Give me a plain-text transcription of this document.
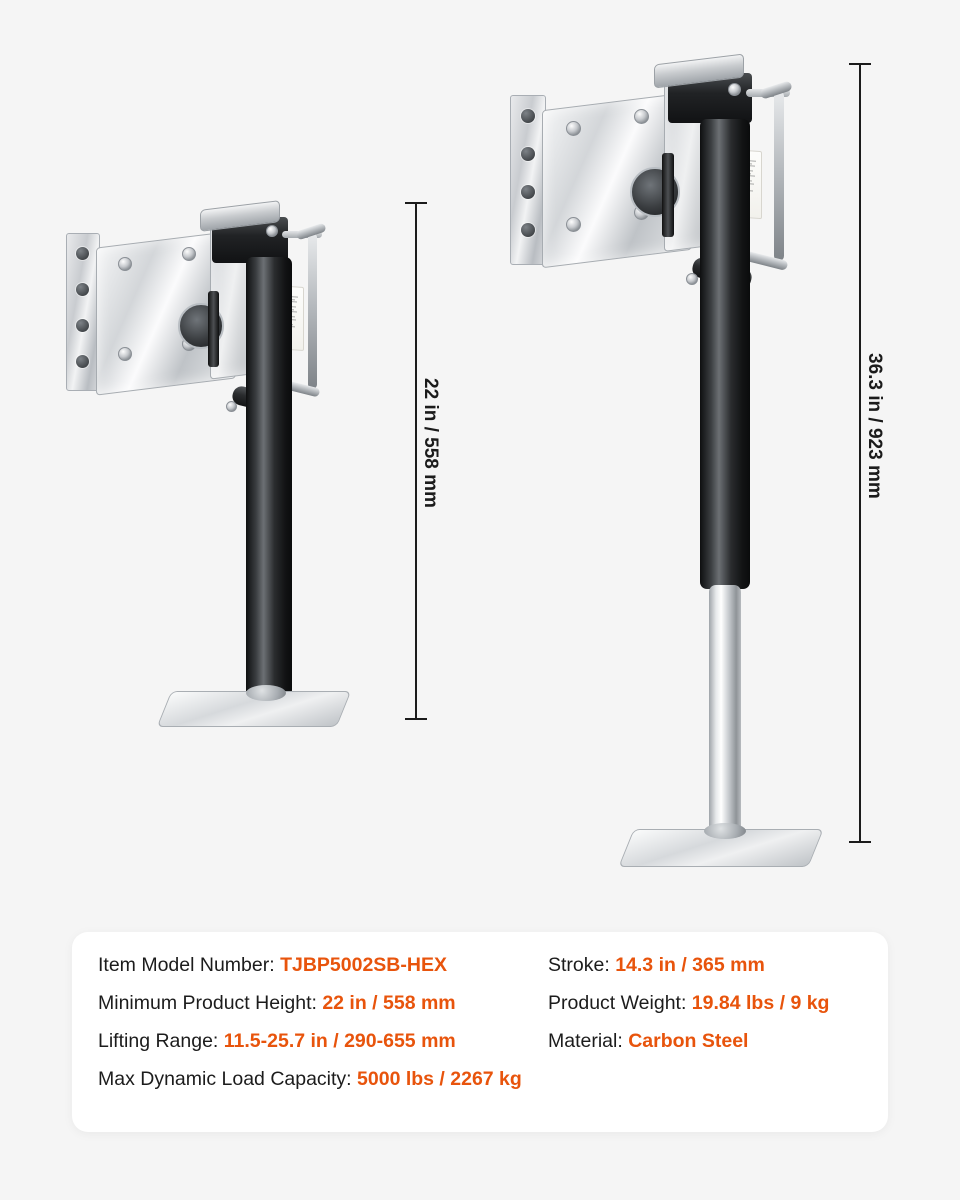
22 in / 558 mm	36.3 in / 923 mm
Item Model Number: TJBP5002SB-HEX	Stroke: 14.3 in / 365 mm
Minimum Product Height: 22 in / 558 mm	Product Weight: 19.84 lbs / 9 kg
Lifting Range: 11.5-25.7 in / 290-655 mm	Material: Carbon Steel
Max Dynamic Load Capacity: 5000 lbs / 2267 kg
